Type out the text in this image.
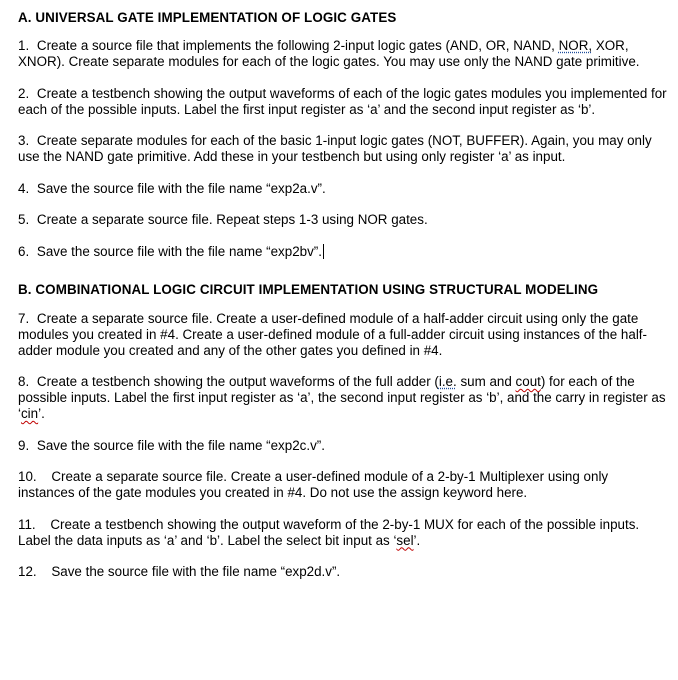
A. UNIVERSAL GATE IMPLEMENTATION OF LOGIC GATES

1. Create a source file that implements the following 2-input logic gates (AND, OR, NAND, NOR, XOR, XNOR). Create separate modules for each of the logic gates. You may use only the NAND gate primitive.

2. Create a testbench showing the output waveforms of each of the logic gates modules you implemented for each of the possible inputs. Label the first input register as ‘a’ and the second input register as ‘b’.

3. Create separate modules for each of the basic 1-input logic gates (NOT, BUFFER). Again, you may only use the NAND gate primitive. Add these in your testbench but using only register ‘a’ as input.

4. Save the source file with the file name “exp2a.v”.

5. Create a separate source file. Repeat steps 1-3 using NOR gates.

6. Save the source file with the file name “exp2bv”.

B. COMBINATIONAL LOGIC CIRCUIT IMPLEMENTATION USING STRUCTURAL MODELING

7. Create a separate source file. Create a user-defined module of a half-adder circuit using only the gate modules you created in #4. Create a user-defined module of a full-adder circuit using instances of the half-adder module you created and any of the other gates you defined in #4.

8. Create a testbench showing the output waveforms of the full adder (i.e. sum and cout) for each of the possible inputs. Label the first input register as ‘a’, the second input register as ‘b’, and the carry in register as ‘cin’.

9. Save the source file with the file name “exp2c.v”.

10. Create a separate source file. Create a user-defined module of a 2-by-1 Multiplexer using only instances of the gate modules you created in #4. Do not use the assign keyword here.

11. Create a testbench showing the output waveform of the 2-by-1 MUX for each of the possible inputs. Label the data inputs as ‘a’ and ‘b’. Label the select bit input as ‘sel’.

12. Save the source file with the file name “exp2d.v”.
